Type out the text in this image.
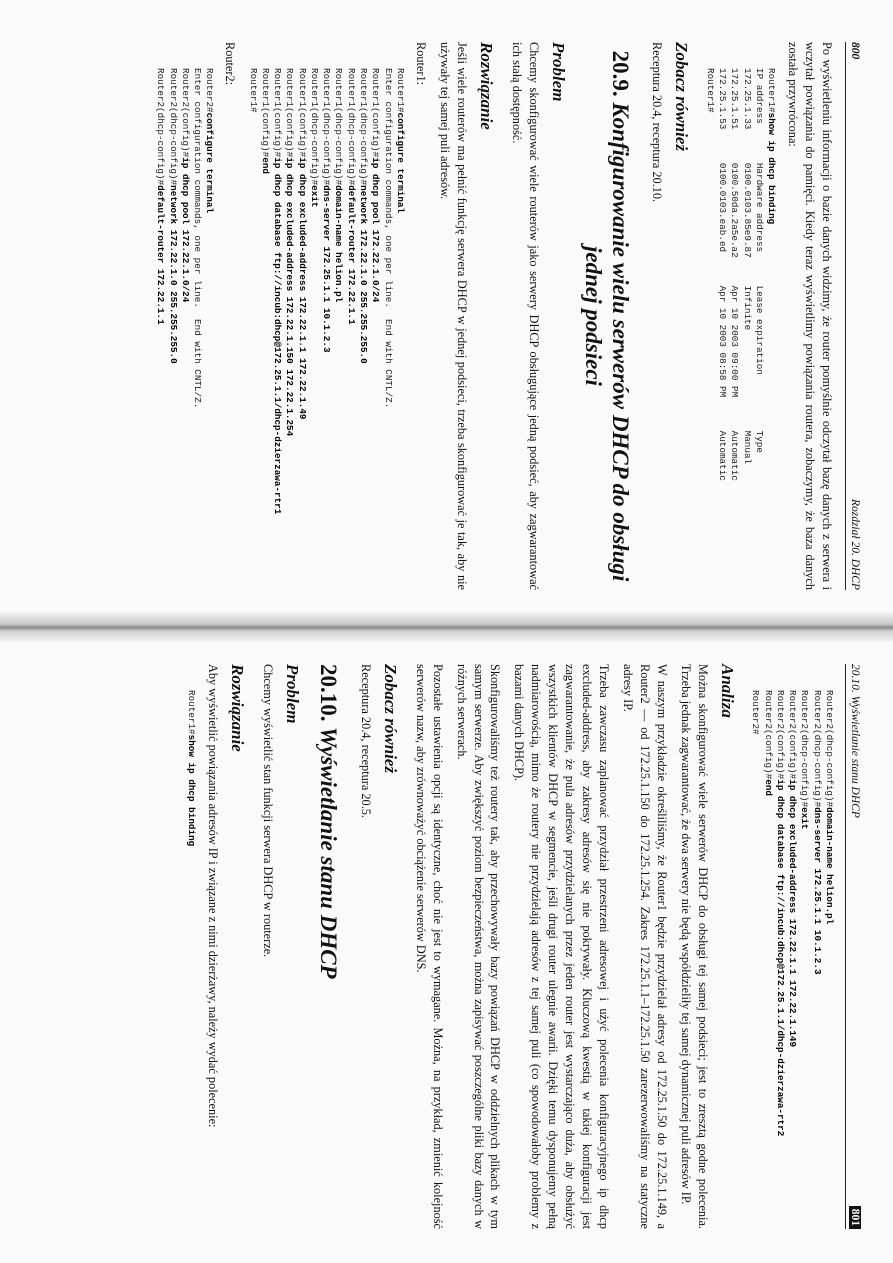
800
Rozdział 20. DHCP

Po wyświetleniu informacji o bazie danych widzimy, że router pomyślnie odczytał bazę danych z serwera i wczytał powiązania do pamięci. Kiedy teraz wyświetlimy powiązania routera, zobaczymy, że baza danych została przywrócona:

Router1#show ip dhcp binding
IP address       Hardware address      Lease expiration          Type
172.25.1.33      0100.0103.85e9.87     Infinite                  Manual
172.25.1.51      0100.50da.2a5e.a2     Apr 10 2003 09:00 PM      Automatic
172.25.1.53      0100.0103.eab.ed      Apr 10 2003 08:58 PM      Automatic
Router1#
Zobacz również

Receptura 20.4, receptura 20.10.

20.9. Konfigurowanie wielu serwerów DHCP do obsługi jednej podsieci
Problem

Chcemy skonfigurować wiele routerów jako serwery DHCP obsługujące jedną podsieć, aby zagwarantować ich stałą dostępność.

Rozwiązanie

Jeśli wiele routerów ma pełnić funkcję serwera DHCP w jednej podsieci, trzeba skonfigurować je tak, aby nie używały tej samej puli adresów.

Router1:

Router1#configure terminal
Enter configuration commands, one per line.  End with CNTL/Z.
Router1(config)#ip dhcp pool 172.22.1.0/24
Router1(dhcp-config)#network 172.22.1.0 255.255.255.0
Router1(dhcp-config)#default-router 172.22.1.1
Router1(dhcp-config)#domain-name helion.pl
Router1(dhcp-config)#dns-server 172.25.1.1 10.1.2.3
Router1(dhcp-config)#exit
Router1(config)#ip dhcp excluded-address 172.22.1.1 172.22.1.49
Router1(config)#ip dhcp excluded-address 172.22.1.150 172.22.1.254
Router1(config)#ip dhcp database ftp://incub:dhcp@172.25.1.1/dhcp-dzierzawa-rtr1
Router1(config)#end
Router1#

Router2:

Router2#configure terminal
Enter configuration commands, one per line.  End with CNTL/Z.
Router2(config)#ip dhcp pool 172.22.1.0/24
Router2(dhcp-config)#network 172.22.1.0 255.255.255.0
Router2(dhcp-config)#default-router 172.22.1.1
20.10. Wyświetlanie stanu DHCP
801
Router2(dhcp-config)#domain-name helion.pl
Router2(dhcp-config)#dns-server 172.25.1.1 10.1.2.3
Router2(dhcp-config)#exit
Router2(config)#ip dhcp excluded-address 172.22.1.1 172.22.1.149
Router2(config)#ip dhcp database ftp://incub:dhcp@172.25.1.1/dhcp-dzierzawa-rtr2
Router2(config)#end
Router2#
Analiza

Można skonfigurować wiele serwerów DHCP do obsługi tej samej podsieci; jest to zresztą godne polecenia. Trzeba jednak zagwarantować, że dwa serwery nie będą współdzieliły tej samej dynamicznej puli adresów IP.

W naszym przykładzie określiliśmy, że Router1 będzie przydzielał adresy od 172.25.1.50 do 172.25.1.149, a Router2 — od 172.25.1.150 do 172.25.1.254. Zakres 172.25.1.1–172.25.1.50 zarezerwowaliśmy na statyczne adresy IP.

Trzeba zawczasu zaplanować przydział przestrzeni adresowej i użyć polecenia konfiguracyjnego ip dhcp excluded-address, aby zakresy adresów się nie pokrywały. Kluczową kwestią w takiej konfiguracji jest zagwarantowanie, że pula adresów przydzielanych przez jeden router jest wystarczająco duża, aby obsłużyć wszystkich klientów DHCP w segmencie, jeśli drugi router ulegnie awarii. Dzięki temu dysponujemy pełną nadmiarowością, mimo że routery nie przydzielają adresów z tej samej puli (co spowodowałoby problemy z bazami danych DHCP).

Skonfigurowaliśmy też routery tak, aby przechowywały bazy powiązań DHCP w oddzielnych plikach w tym samym serwerze. Aby zwiększyć poziom bezpieczeństwa, można zapisywać poszczególne pliki bazy danych w różnych serwerach.

Pozostałe ustawienia opcji są identyczne, choć nie jest to wymagane. Można, na przykład, zmienić kolejność serwerów nazw, aby zrównoważyć obciążenie serwerów DNS.

Zobacz również

Receptura 20.4, receptura 20.5.

20.10. Wyświetlanie stanu DHCP
Problem

Chcemy wyświetlić stan funkcji serwera DHCP w routerze.

Rozwiązanie

Aby wyświetlić powiązania adresów IP i związane z nimi dzierżawy, należy wydać polecenie:

Router1#show ip dhcp binding
